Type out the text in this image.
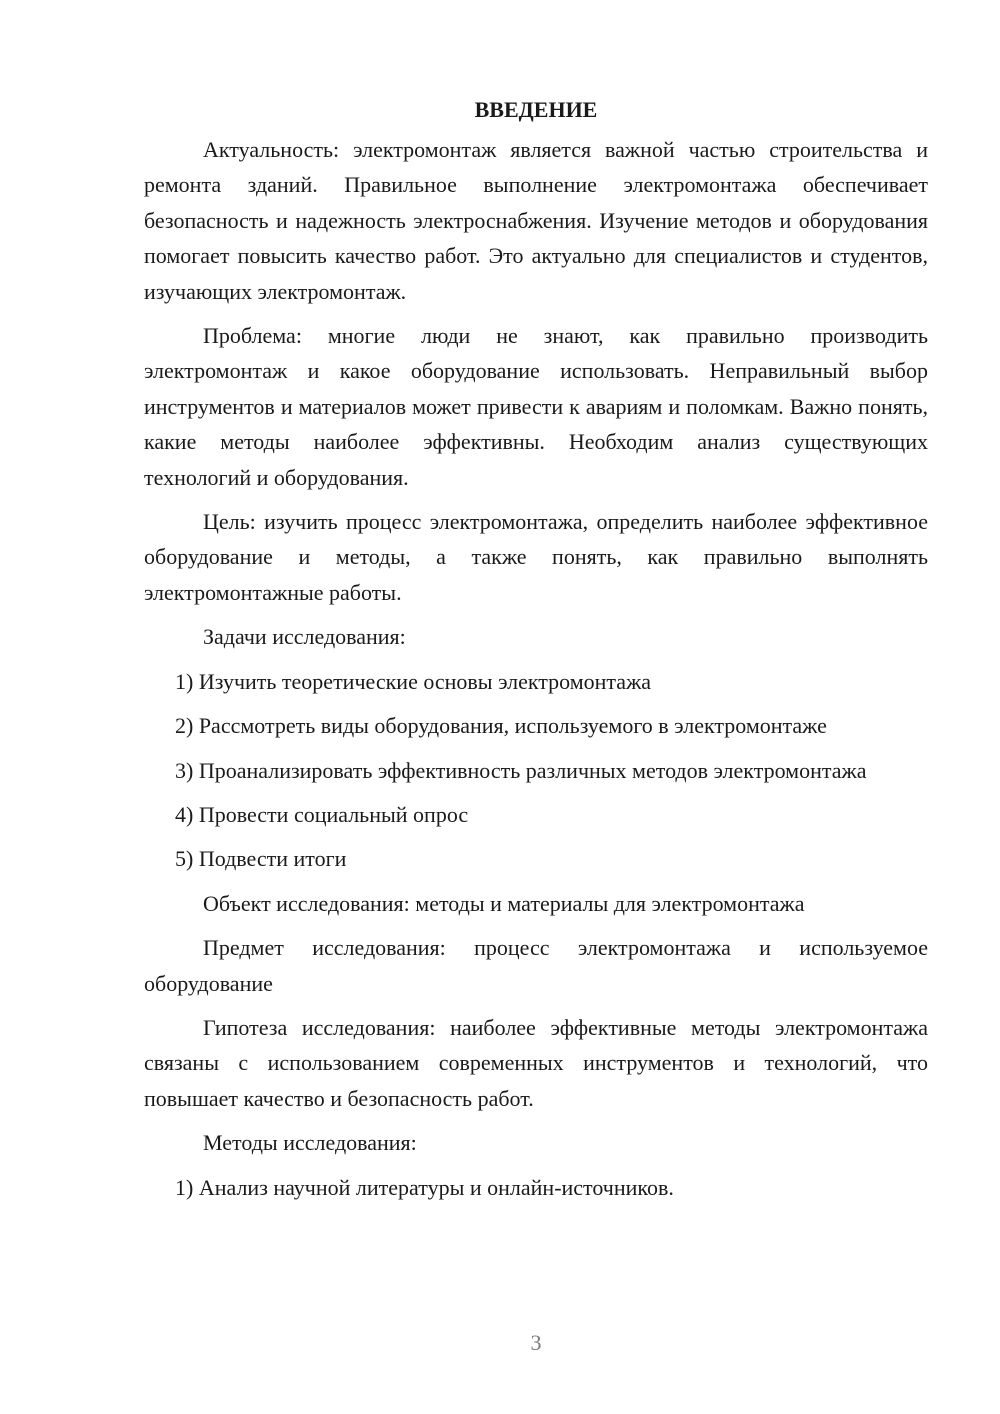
ВВЕДЕНИЕ

Актуальность: электромонтаж является важной частью строительства и ремонта зданий. Правильное выполнение электромонтажа обеспечивает безопасность и надежность электроснабжения. Изучение методов и оборудования помогает повысить качество работ. Это актуально для специалистов и студентов, изучающих электромонтаж.

Проблема: многие люди не знают, как правильно производить электромонтаж и какое оборудование использовать. Неправильный выбор инструментов и материалов может привести к авариям и поломкам. Важно понять, какие методы наиболее эффективны. Необходим анализ существующих технологий и оборудования.

Цель: изучить процесс электромонтажа, определить наиболее эффективное оборудование и методы, а также понять, как правильно выполнять электромонтажные работы.

Задачи исследования:

1) Изучить теоретические основы электромонтажа

2) Рассмотреть виды оборудования, используемого в электромонтаже

3) Проанализировать эффективность различных методов электромонтажа

4) Провести социальный опрос

5) Подвести итоги

Объект исследования: методы и материалы для электромонтажа

Предмет исследования: процесс электромонтажа и используемое оборудование

Гипотеза исследования: наиболее эффективные методы электромонтажа связаны с использованием современных инструментов и технологий, что повышает качество и безопасность работ.

Методы исследования:

1) Анализ научной литературы и онлайн-источников.

3
